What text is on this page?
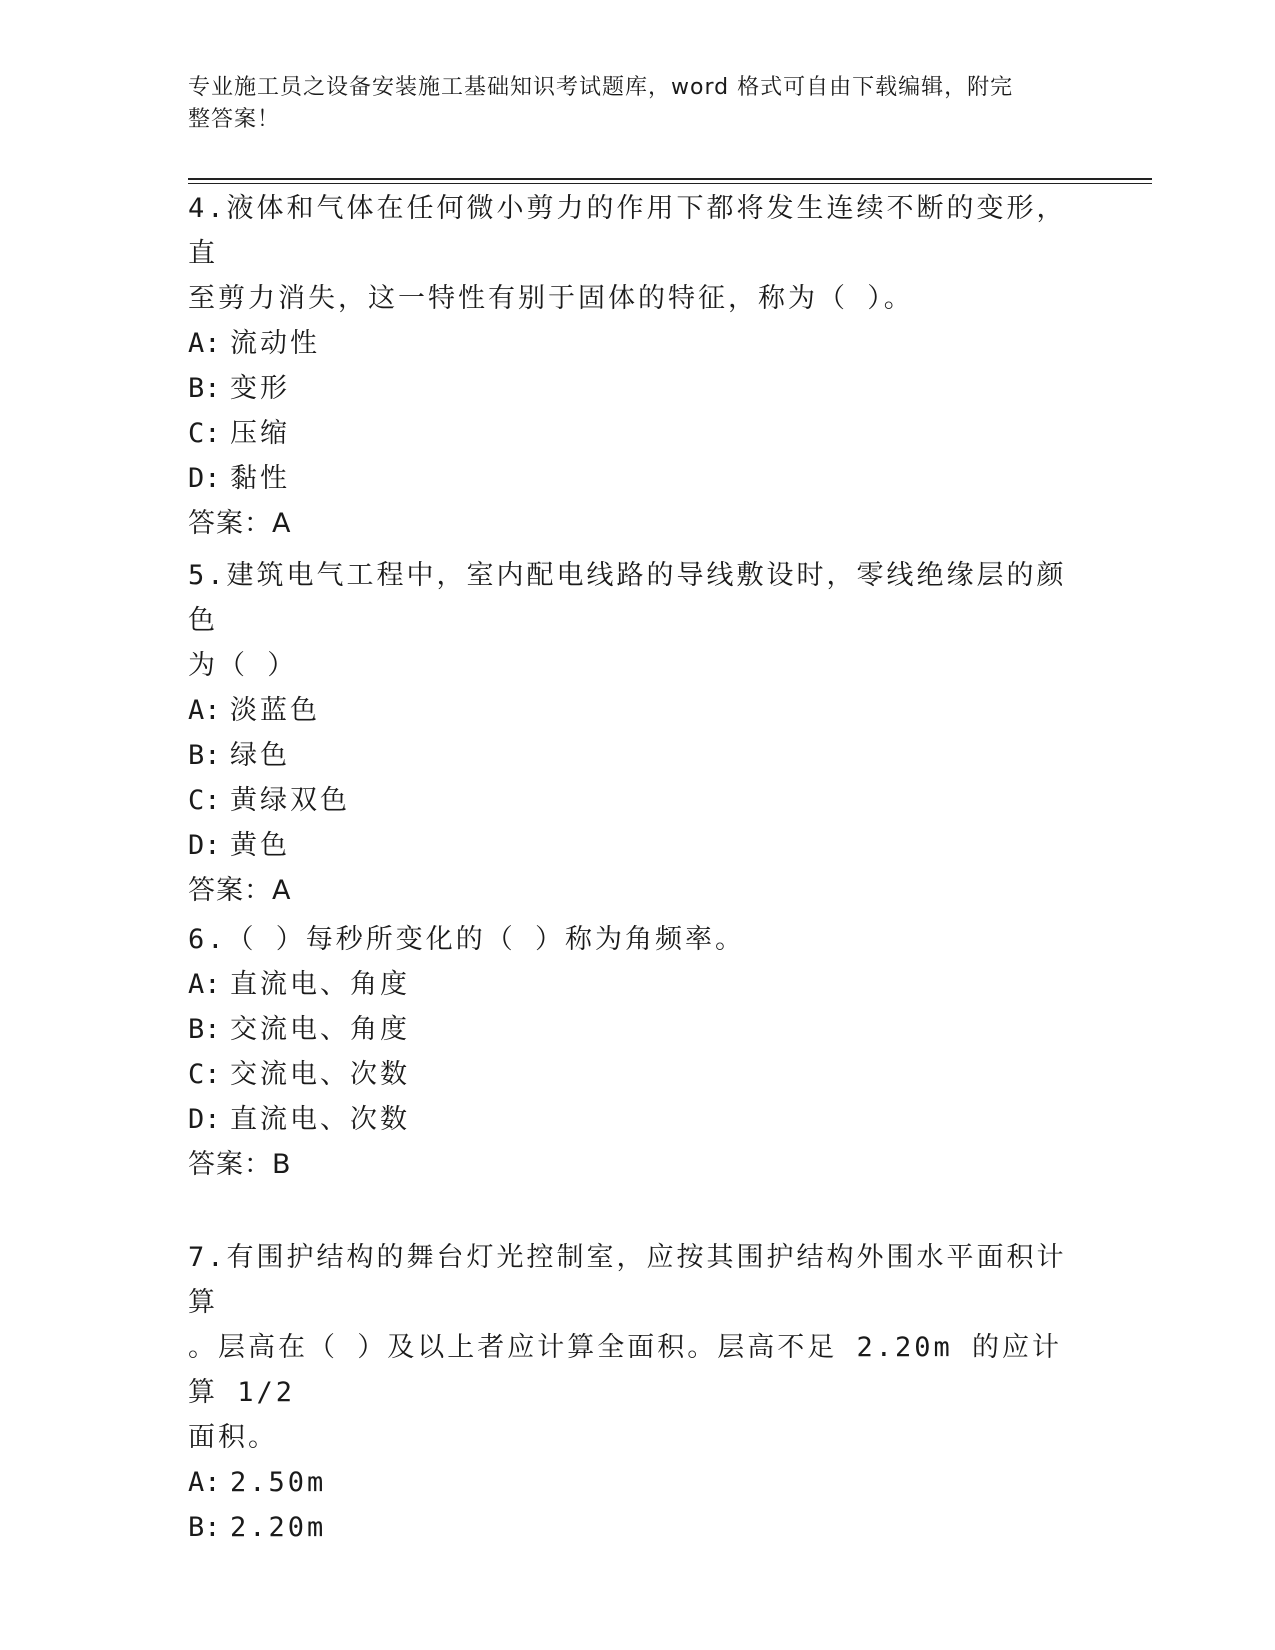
专业施工员之设备安装施工基础知识考试题库，word 格式可自由下载编辑，附完
整答案！
4.液体和气体在任何微小剪力的作用下都将发生连续不断的变形，直
至剪力消失，这一特性有别于固体的特征，称为（ ）。
A: 流动性
B: 变形
C: 压缩
D: 黏性
答案：A
5.建筑电气工程中，室内配电线路的导线敷设时，零线绝缘层的颜色
为（ ）
A: 淡蓝色
B: 绿色
C: 黄绿双色
D: 黄色
答案：A
6.（ ）每秒所变化的（ ）称为角频率。
A: 直流电、角度
B: 交流电、角度
C: 交流电、次数
D: 直流电、次数
答案：B
7.有围护结构的舞台灯光控制室，应按其围护结构外围水平面积计算
。层高在（ ）及以上者应计算全面积。层高不足 2.20m 的应计算 1/2
面积。
A: 2.50m
B: 2.20m
